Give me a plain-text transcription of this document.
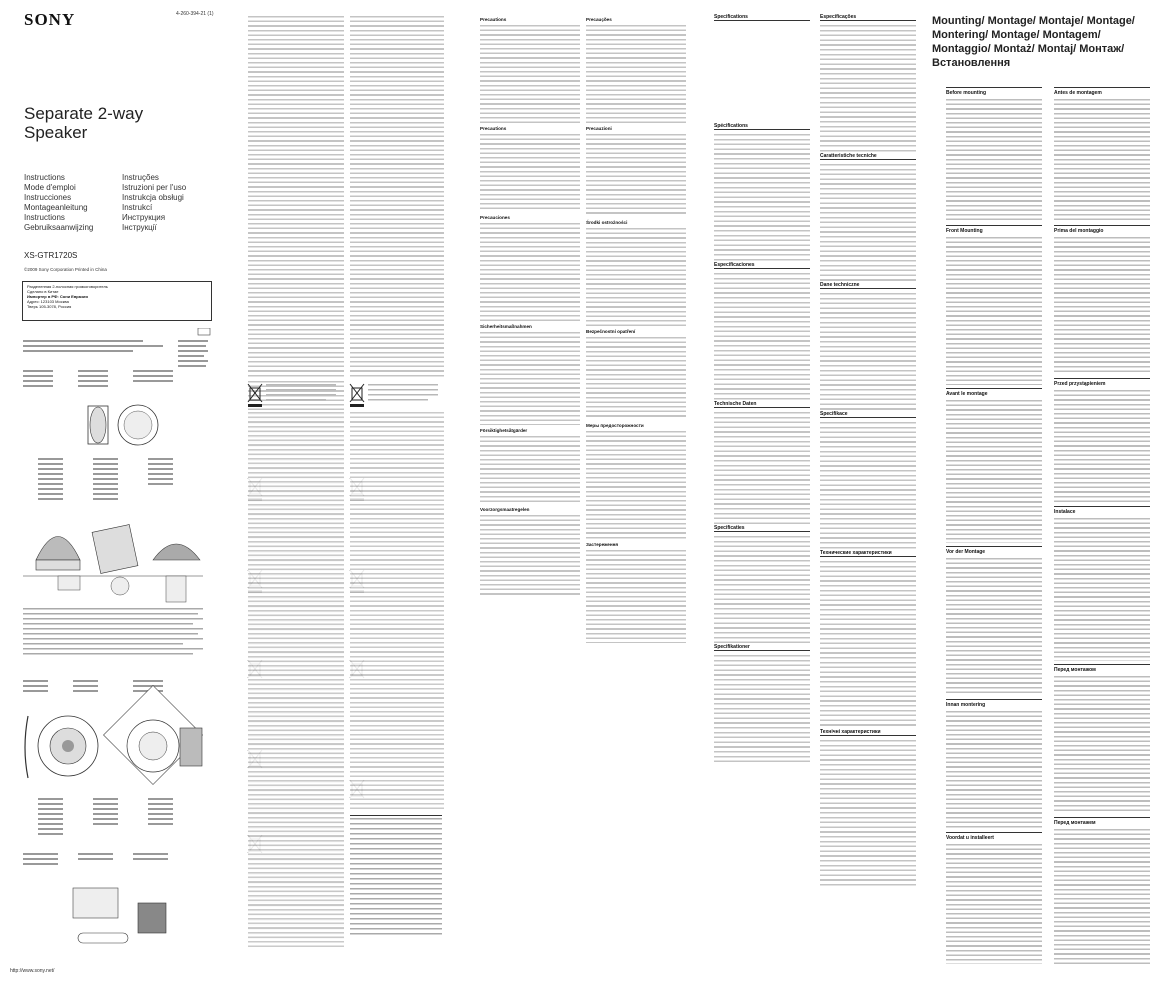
SONY	4-260-394-21 (1)
Separate 2-way
Speaker
Instructions	Instruções
Mode d'emploi	Istruzioni per l'uso
Instrucciones	Instrukcja obsługi
Montageanleitung	Instrukcí
Instructions	Инструкция
Gebruiksaanwijzing	Інструкції
XS-GTR1720S
©2009 Sony Corporation Printed in China
Разделенная 2-полосная громкоговоритель
Сделано в Китае
Импортер в РФ: Сони Евразия
Адрес: 123103 Москва
Тверь 105-3078, Россия
Precautions
Precautions
Precauciones
Sicherheitsmaßnahmen
Försiktighetsåtgärder
Voorzorgsmaatregelen
Precauções
Precauzioni
Środki ostrożności
Bezpečnostní opatření
Меры предосторожности
Застереження
Specifications
Spécifications
Especificaciones
Technische Daten
Specificaties
Specifikationer
Especificações
Caratteristiche tecniche
Dane techniczne
Specifikace
Технические характеристики
Технічні характеристики
Mounting/ Montage/ Montaje/ Montage/ Montering/ Montage/ Montagem/ Montaggio/ Montaż/ Montaj/ Монтаж/ Встановлення
Before mounting
Front Mounting
Avant le montage
Vor der Montage
Innan montering
Voordat u installeert
Antes de montagem
Prima del montaggio
Przed przystąpieniem
Instalace
Перед монтажом
Перед монтажем
http://www.sony.net/
